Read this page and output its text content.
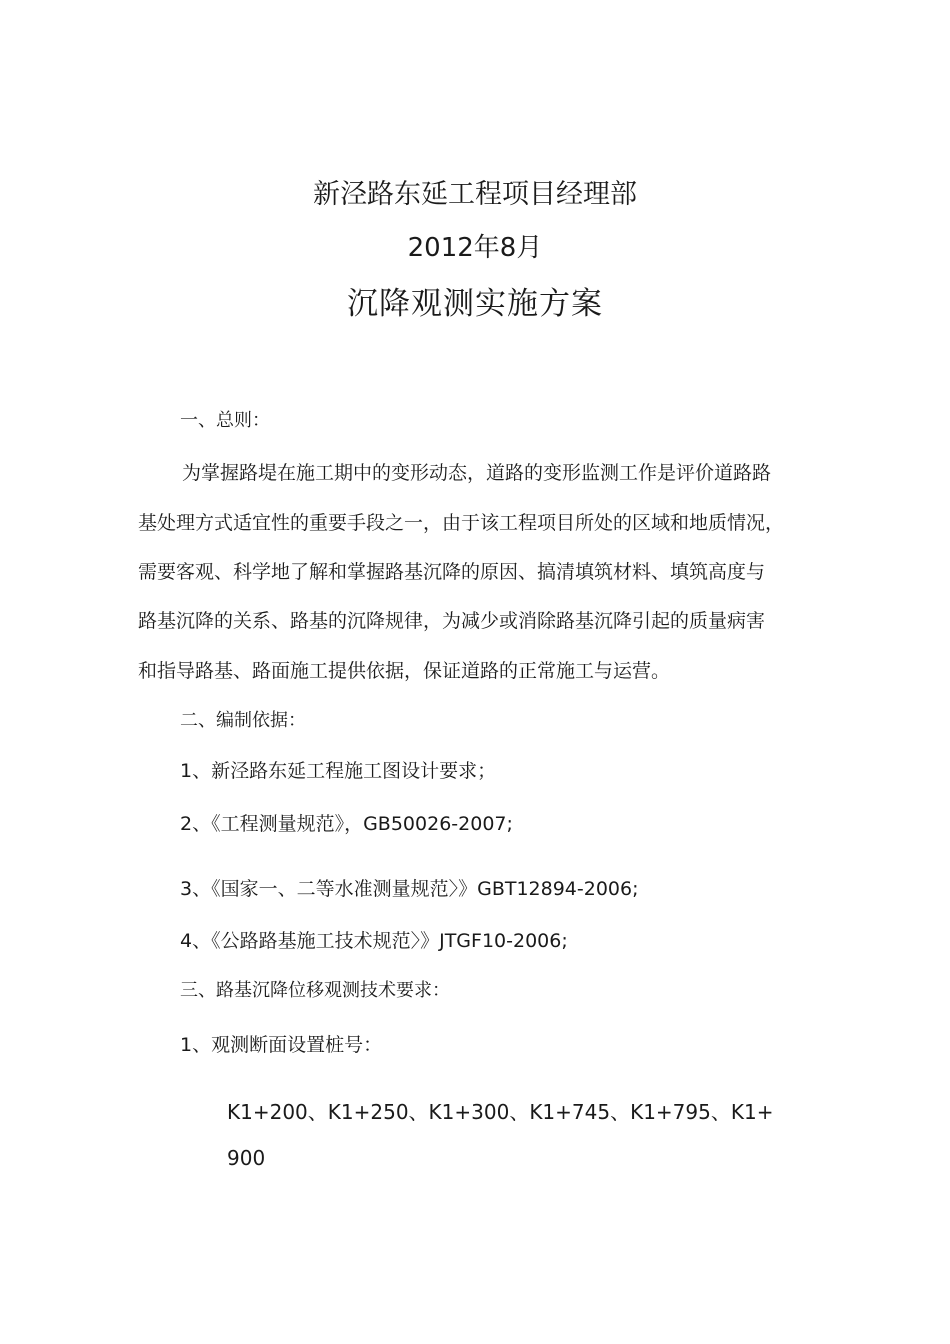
新泾路东延工程项目经理部
2012年8月
沉降观测实施方案
一、总则：
为掌握路堤在施工期中的变形动态，道路的变形监测工作是评价道路路
基处理方式适宜性的重要手段之一，由于该工程项目所处的区域和地质情况，
需要客观、科学地了解和掌握路基沉降的原因、搞清填筑材料、填筑高度与
路基沉降的关系、路基的沉降规律，为减少或消除路基沉降引起的质量病害
和指导路基、路面施工提供依据，保证道路的正常施工与运营。
二、编制依据：
1、新泾路东延工程施工图设计要求；
2、《工程测量规范》，GB50026-2007;
3、《国家一、二等水准测量规范〉》GBT12894-2006;
4、《公路路基施工技术规范〉》JTGF10-2006;
三、路基沉降位移观测技术要求：
1、观测断面设置桩号：
K1+200、K1+250、K1+300、K1+745、K1+795、K1+
900
